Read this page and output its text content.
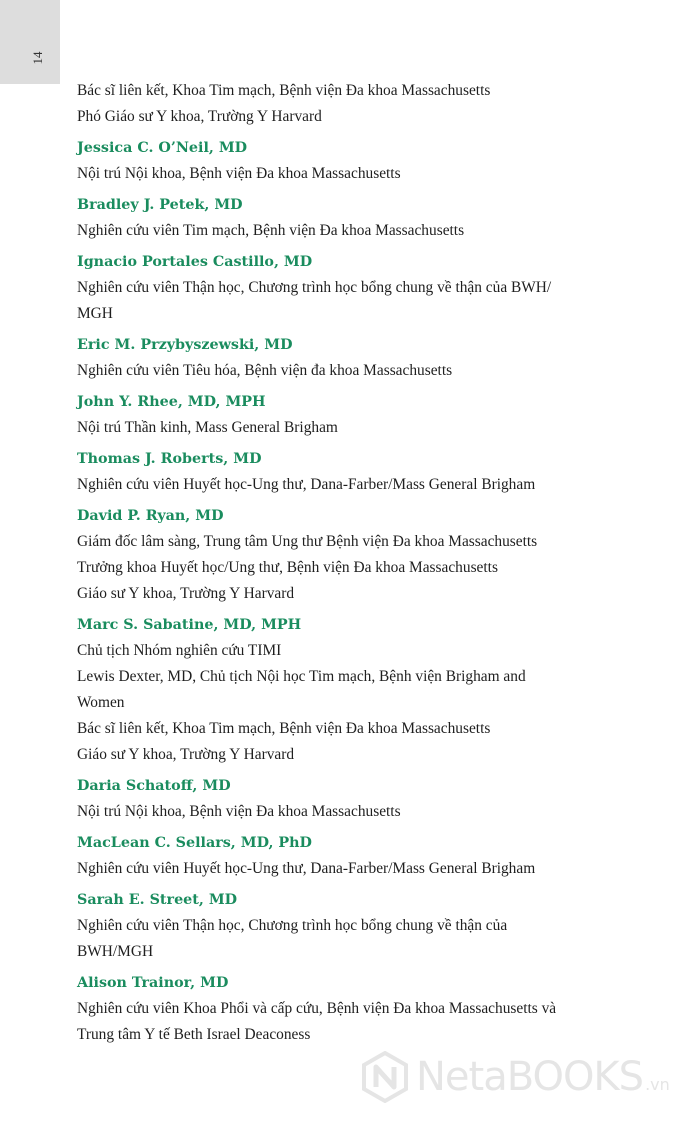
14
Bác sĩ liên kết, Khoa Tim mạch, Bệnh viện Đa khoa Massachusetts
Phó Giáo sư Y khoa, Trường Y Harvard
Jessica C. O’Neil, MD
Nội trú Nội khoa, Bệnh viện Đa khoa Massachusetts
Bradley J. Petek, MD
Nghiên cứu viên Tim mạch, Bệnh viện Đa khoa Massachusetts
Ignacio Portales Castillo, MD
Nghiên cứu viên Thận học, Chương trình học bổng chung về thận của BWH/
MGH
Eric M. Przybyszewski, MD
Nghiên cứu viên Tiêu hóa, Bệnh viện đa khoa Massachusetts
John Y. Rhee, MD, MPH
Nội trú Thần kinh, Mass General Brigham
Thomas J. Roberts, MD
Nghiên cứu viên Huyết học-Ung thư, Dana-Farber/Mass General Brigham
David P. Ryan, MD
Giám đốc lâm sàng, Trung tâm Ung thư Bệnh viện Đa khoa Massachusetts
Trưởng khoa Huyết học/Ung thư, Bệnh viện Đa khoa Massachusetts
Giáo sư Y khoa, Trường Y Harvard
Marc S. Sabatine, MD, MPH
Chủ tịch Nhóm nghiên cứu TIMI
Lewis Dexter, MD, Chủ tịch Nội học Tim mạch, Bệnh viện Brigham and
Women
Bác sĩ liên kết, Khoa Tim mạch, Bệnh viện Đa khoa Massachusetts
Giáo sư Y khoa, Trường Y Harvard
Daria Schatoff, MD
Nội trú Nội khoa, Bệnh viện Đa khoa Massachusetts
MacLean C. Sellars, MD, PhD
Nghiên cứu viên Huyết học-Ung thư, Dana-Farber/Mass General Brigham
Sarah E. Street, MD
Nghiên cứu viên Thận học, Chương trình học bổng chung về thận của
BWH/MGH
Alison Trainor, MD
Nghiên cứu viên Khoa Phổi và cấp cứu, Bệnh viện Đa khoa Massachusetts và
Trung tâm Y tế Beth Israel Deaconess
NetaBOOKS .vn
